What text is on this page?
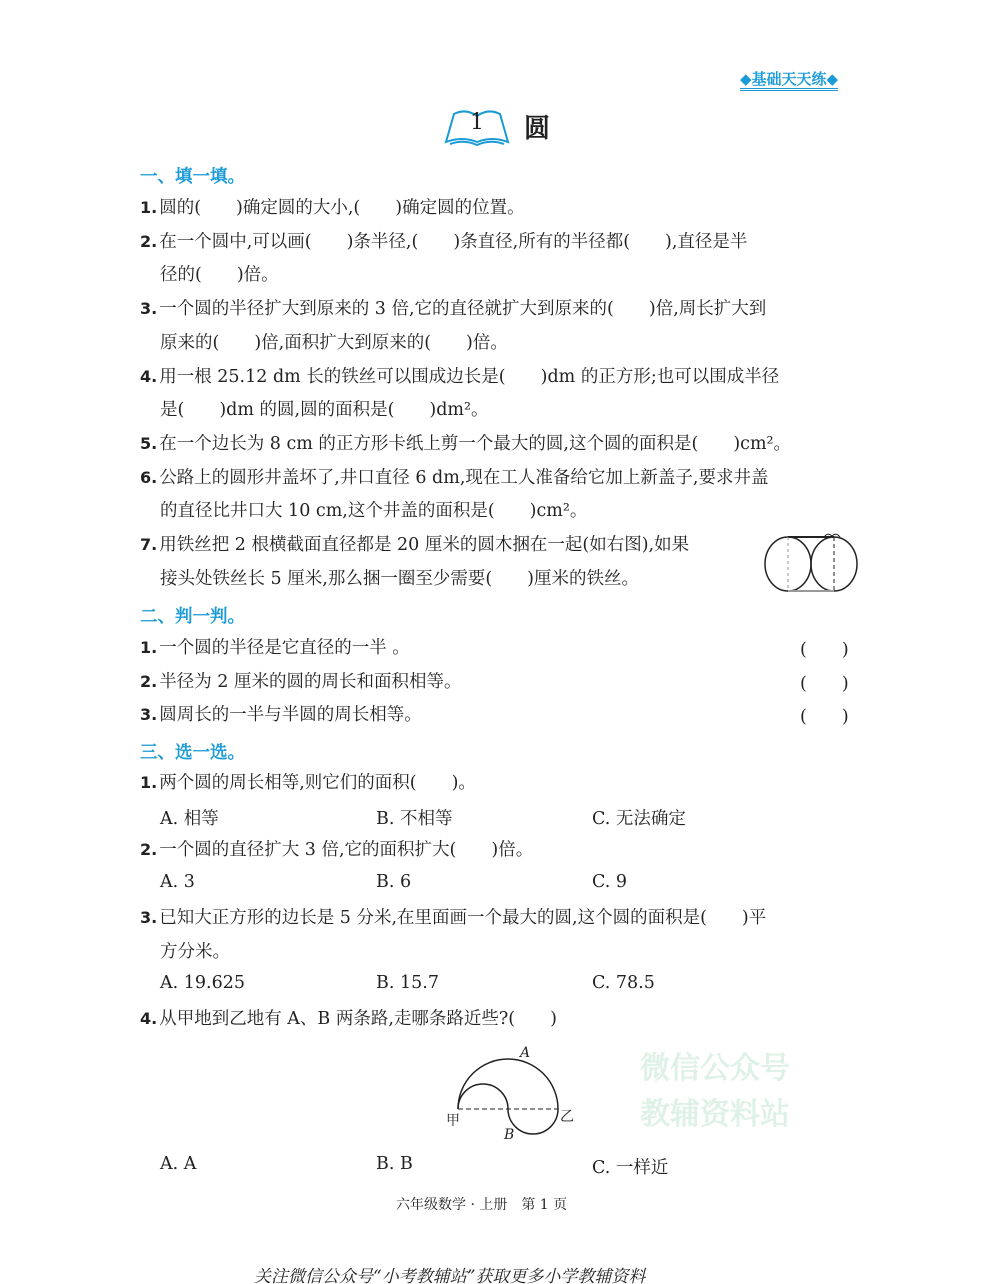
微信公众号
教辅资料站
◆基础天天练◆
1 圆
一、填一填。
二、判一判。
三、选一选。
A
B
甲	乙
六年级数学 · 上册　第 1 页
关注微信公众号“小考教辅站”获取更多小学教辅资料
1. 圆的(　　)确定圆的大小,(　　)确定圆的位置。
2. 在一个圆中,可以画(　　)条半径,(　　)条直径,所有的半径都(　　),直径是半
径的(　　)倍。
3. 一个圆的半径扩大到原来的 3 倍,它的直径就扩大到原来的(　　)倍,周长扩大到
原来的(　　)倍,面积扩大到原来的(　　)倍。
4. 用一根 25.12 dm 长的铁丝可以围成边长是(　　)dm 的正方形;也可以围成半径
是(　　)dm 的圆,圆的面积是(　　)dm²。
5. 在一个边长为 8 cm 的正方形卡纸上剪一个最大的圆,这个圆的面积是(　　)cm²。
6. 公路上的圆形井盖坏了,井口直径 6 dm,现在工人准备给它加上新盖子,要求井盖
的直径比井口大 10 cm,这个井盖的面积是(　　)cm²。
7. 用铁丝把 2 根横截面直径都是 20 厘米的圆木捆在一起(如右图),如果
接头处铁丝长 5 厘米,那么捆一圈至少需要(　　)厘米的铁丝。
1. 一个圆的半径是它直径的一半 。	(　　)
2. 半径为 2 厘米的圆的周长和面积相等。	(　　)
3. 圆周长的一半与半圆的周长相等。	(　　)
1. 两个圆的周长相等,则它们的面积(　　)。
A. 相等	B. 不相等	C. 无法确定
2. 一个圆的直径扩大 3 倍,它的面积扩大(　　)倍。
A. 3	B. 6	C. 9
3. 已知大正方形的边长是 5 分米,在里面画一个最大的圆,这个圆的面积是(　　)平
方分米。
A. 19.625	B. 15.7	C. 78.5
4. 从甲地到乙地有 A、B 两条路,走哪条路近些?(　　)
A. A	B. B	C. 一样近
